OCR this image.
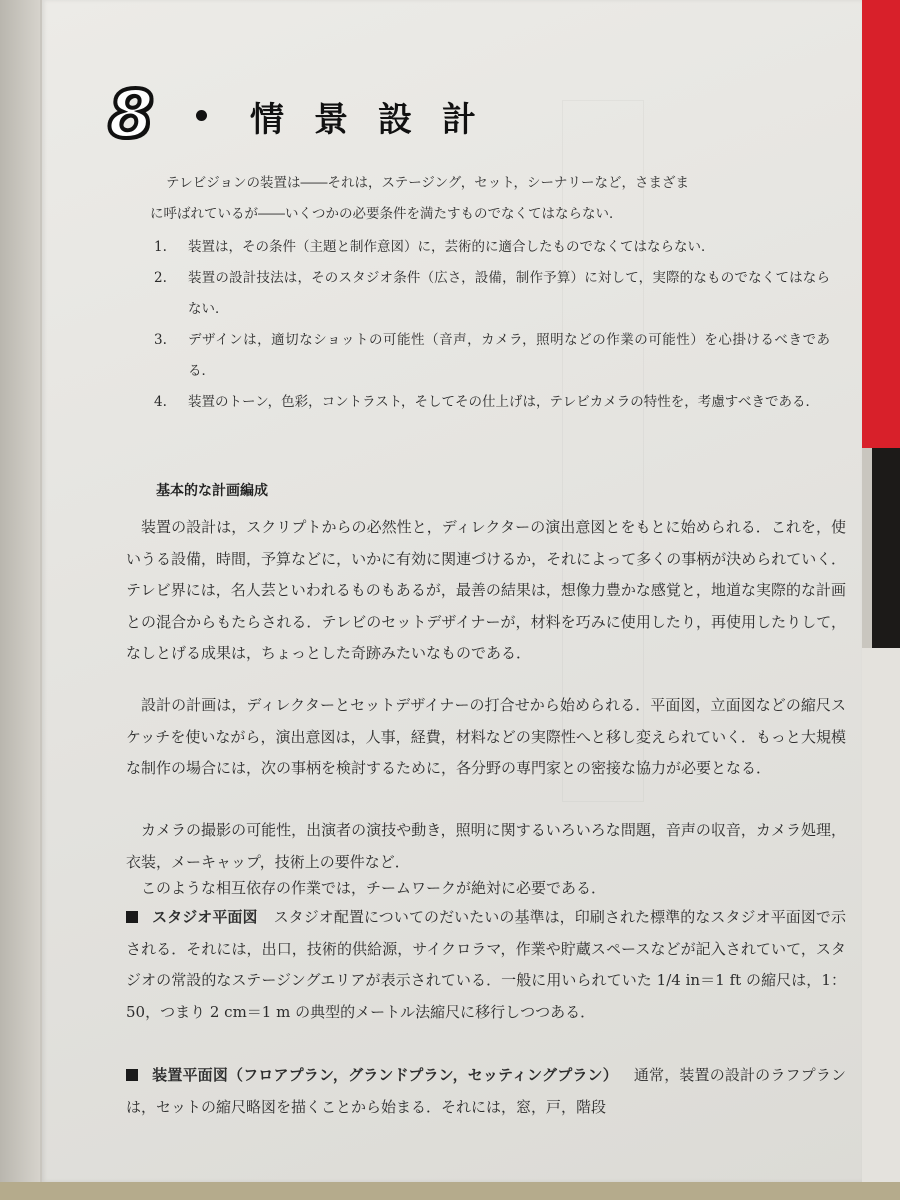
8	情景設計
テレビジョンの装置は――それは，ステージング，セット，シーナリーなど，さまざま
に呼ばれているが――いくつかの必要条件を満たすものでなくてはならない．
1.	装置は，その条件（主題と制作意図）に，芸術的に適合したものでなくてはならない．
2.	装置の設計技法は，そのスタジオ条件（広さ，設備，制作予算）に対して，実際的なものでなくてはならない．
3.	デザインは，適切なショットの可能性（音声，カメラ，照明などの作業の可能性）を心掛けるべきである．
4.	装置のトーン，色彩，コントラスト，そしてその仕上げは，テレビカメラの特性を，考慮すべきである．
基本的な計画編成

装置の設計は，スクリプトからの必然性と，ディレクターの演出意図とをもとに始められる．これを，使いうる設備，時間，予算などに，いかに有効に関連づけるか，それによって多くの事柄が決められていく．テレビ界には，名人芸といわれるものもあるが，最善の結果は，想像力豊かな感覚と，地道な実際的な計画との混合からもたらされる．テレビのセットデザイナーが，材料を巧みに使用したり，再使用したりして，なしとげる成果は，ちょっとした奇跡みたいなものである．

設計の計画は，ディレクターとセットデザイナーの打合せから始められる．平面図，立面図などの縮尺スケッチを使いながら，演出意図は，人事，経費，材料などの実際性へと移し変えられていく．もっと大規模な制作の場合には，次の事柄を検討するために，各分野の専門家との密接な協力が必要となる．

カメラの撮影の可能性，出演者の演技や動き，照明に関するいろいろな問題，音声の収音，カメラ処理，衣装，メーキャップ，技術上の要件など．

このような相互依存の作業では，チームワークが絶対に必要である．

スタジオ平面図 スタジオ配置についてのだいたいの基準は，印刷された標準的なスタジオ平面図で示される．それには，出口，技術的供給源，サイクロラマ，作業や貯蔵スペースなどが記入されていて，スタジオの常設的なステージングエリアが表示されている．一般に用いられていた 1/4 in＝1 ft の縮尺は，1：50，つまり 2 cm＝1 m の典型的メートル法縮尺に移行しつつある．

装置平面図（フロアプラン，グランドプラン，セッティングプラン） 通常，装置の設計のラフプランは，セットの縮尺略図を描くことから始まる．それには，窓，戸，階段
